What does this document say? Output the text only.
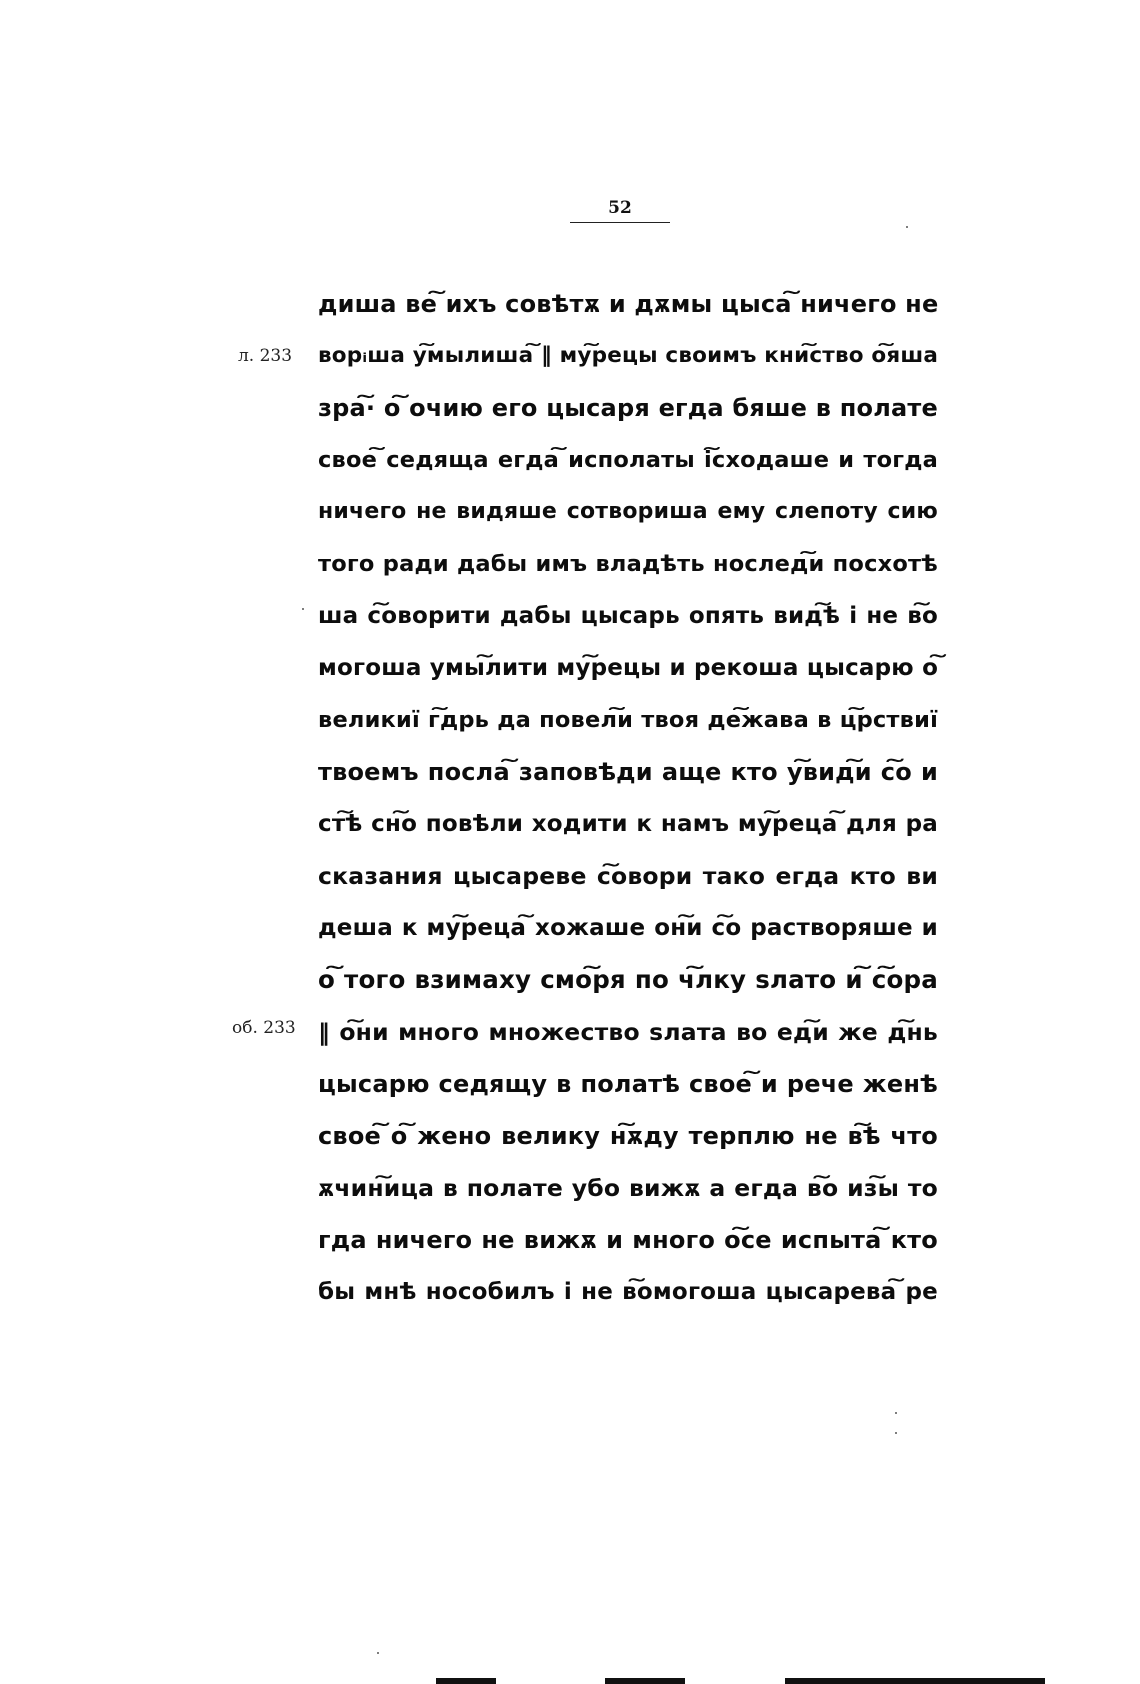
52
л. 233
об. 233
диша ве͠ ихъ совѣтѫ и дѫмы цыса͠ ничего не
ворᵢша у͠мылиша͠ ‖ му͠рецы своимъ кни͠ство о͠яша
зра͠· о͠ очию его цысаря егда бяше в полате
свое͠ седяща егда͠ исполаты і͠сходаше и тогда
ничего не видяше сотвориша ему слепоту сию
того ради дабы имъ владѣть нослед͠и посхотѣ
ша с͠оворити дабы цысарь опять вид͠ѣ і не в͠о
могоша умы͠лити му͠рецы и рекоша цысарю о͠
великиї г͠дрь да повел͠и твоя де͠жава в ц͠рствиї
твоемъ посла͠ заповѣди аще кто у͠вид͠и с͠о и
ст͠ѣ сн͠о повѣли ходити к намъ му͠реца͠ для ра
сказания цысареве с͠овори тако егда кто ви
деша к му͠реца͠ хожаше он͠и с͠о растворяше и
о͠ того взимаху смо͠ря по ч͠лку ѕлато и͠ с͠ора
‖ о͠ни много множество ѕлата во ед͠и же д͠нь
цысарю седящу в полатѣ свое͠ и рече женѣ
свое͠ о͠ жено велику н͠ѫду терплю не в͠ѣ что
ѫчин͠ица в полате убо вижѫ а егда в͠о из͠ы то
гда ничего не вижѫ и много о͠се испыта͠ кто
бы мнѣ нособилъ і не в͠омогоша цысарева͠ ре
